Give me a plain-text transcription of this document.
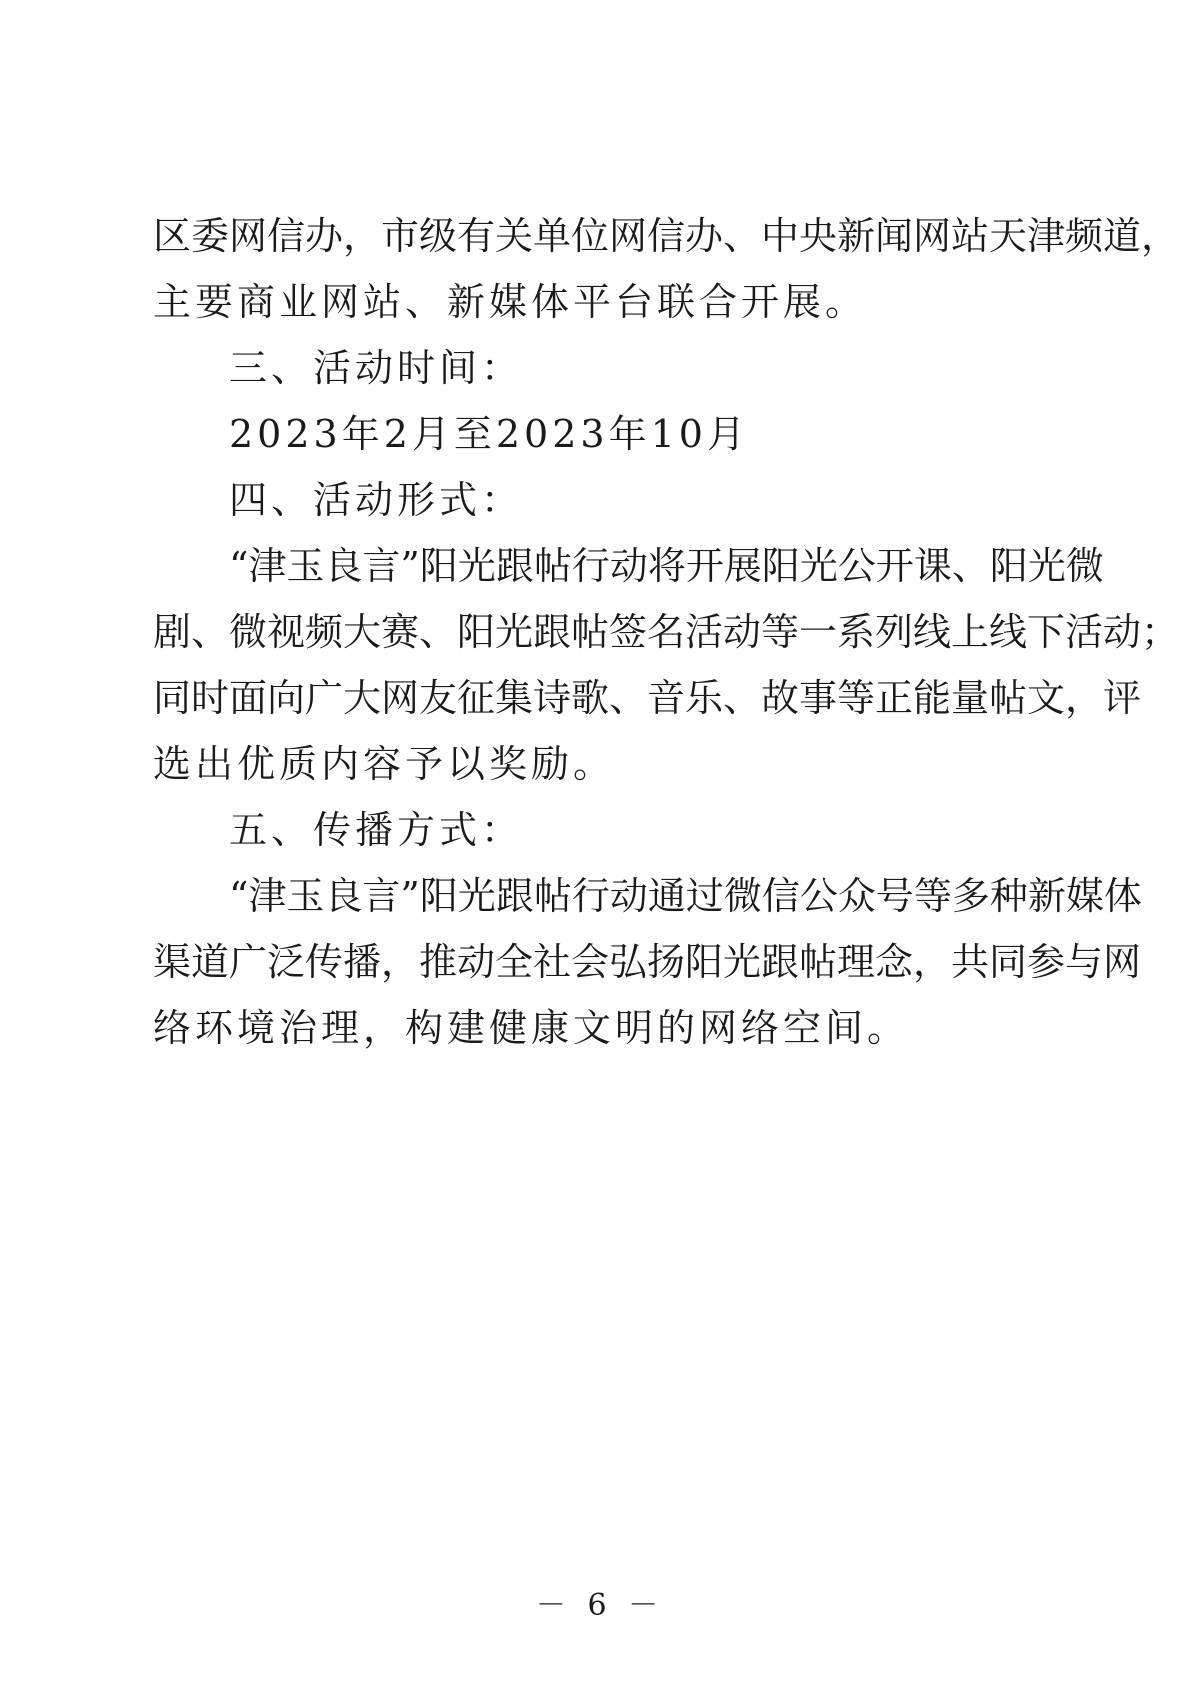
区委网信办，市级有关单位网信办、中央新闻网站天津频道，
主要商业网站、新媒体平台联合开展。
三、活动时间：
2023年2月至2023年10月
四、活动形式：
“津玉良言”阳光跟帖行动将开展阳光公开课、阳光微
剧、微视频大赛、阳光跟帖签名活动等一系列线上线下活动；
同时面向广大网友征集诗歌、音乐、故事等正能量帖文，评
选出优质内容予以奖励。
五、传播方式：
“津玉良言”阳光跟帖行动通过微信公众号等多种新媒体
渠道广泛传播，推动全社会弘扬阳光跟帖理念，共同参与网
络环境治理，构建健康文明的网络空间。
－ 6 －
